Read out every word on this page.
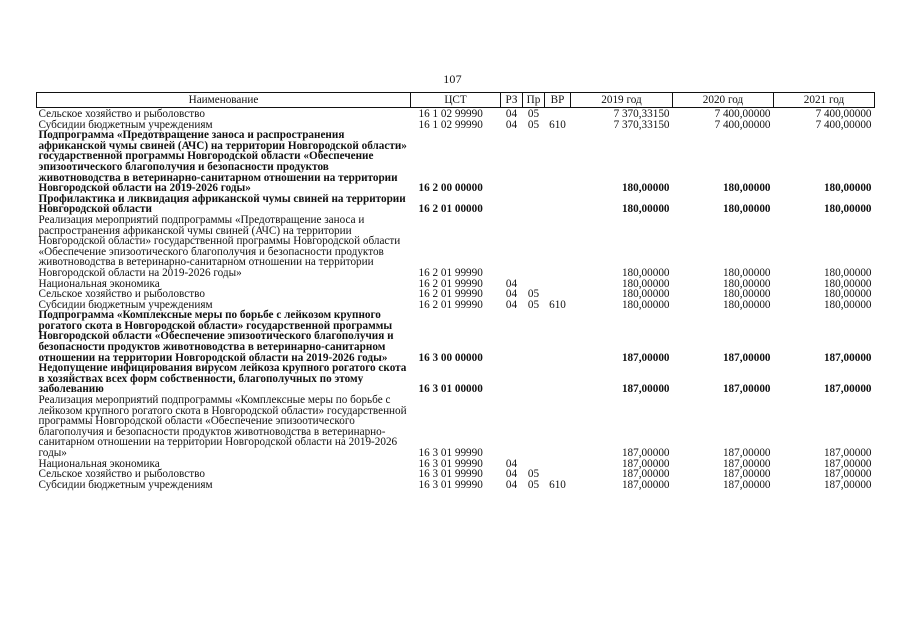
107
Наименование	ЦСТ	РЗ	Пр	ВР	2019 год	2020 год	2021 год
Сельское хозяйство и рыболовство	16 1 02 99990	04	05		7 370,33150	7 400,00000	7 400,00000
Субсидии бюджетным учреждениям	16 1 02 99990	04	05	610	7 370,33150	7 400,00000	7 400,00000
Подпрограмма «Предотвращение заноса и распространения африканской чумы свиней (АЧС) на территории Новгородской области» государственной программы Новгородской области «Обеспечение эпизоотического благополучия и безопасности продуктов животноводства в ветеринарно-санитарном отношении на территории Новгородской области на 2019-2026 годы»	16 2 00 00000				180,00000	180,00000	180,00000
Профилактика и ликвидация африканской чумы свиней на территории Новгородской области	16 2 01 00000				180,00000	180,00000	180,00000
Реализация мероприятий подпрограммы «Предотвращение заноса и распространения африканской чумы свиней (АЧС) на территории Новгородской области» государственной программы Новгородской области «Обеспечение эпизоотического благополучия и безопасности продуктов животноводства в ветеринарно-санитарном отношении на территории Новгородской области на 2019-2026 годы»	16 2 01 99990				180,00000	180,00000	180,00000
Национальная экономика	16 2 01 99990	04			180,00000	180,00000	180,00000
Сельское хозяйство и рыболовство	16 2 01 99990	04	05		180,00000	180,00000	180,00000
Субсидии бюджетным учреждениям	16 2 01 99990	04	05	610	180,00000	180,00000	180,00000
Подпрограмма «Комплексные меры по борьбе с лейкозом крупного рогатого скота в Новгородской области» государственной программы Новгородской области «Обеспечение эпизоотического благополучия и безопасности продуктов животноводства в ветеринарно-санитарном отношении на территории Новгородской области на 2019-2026 годы»	16 3 00 00000				187,00000	187,00000	187,00000
Недопущение инфицирования вирусом лейкоза крупного рогатого скота в хозяйствах всех форм собственности, благополучных по этому заболеванию	16 3 01 00000				187,00000	187,00000	187,00000
Реализация мероприятий подпрограммы «Комплексные меры по борьбе с лейкозом крупного рогатого скота в Новгородской области» государственной программы Новгородской области «Обеспечение эпизоотического благополучия и безопасности продуктов животноводства в ветеринарно-санитарном отношении на территории Новгородской области на 2019-2026 годы»	16 3 01 99990				187,00000	187,00000	187,00000
Национальная экономика	16 3 01 99990	04			187,00000	187,00000	187,00000
Сельское хозяйство и рыболовство	16 3 01 99990	04	05		187,00000	187,00000	187,00000
Субсидии бюджетным учреждениям	16 3 01 99990	04	05	610	187,00000	187,00000	187,00000
